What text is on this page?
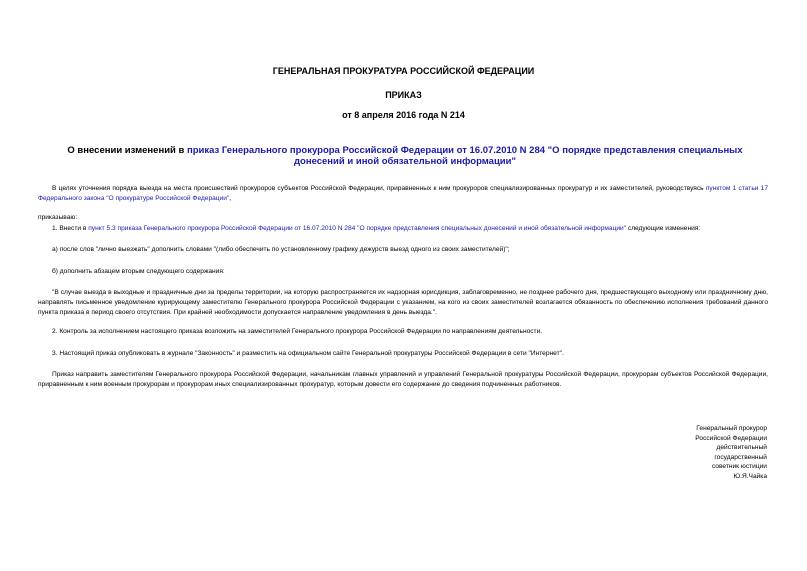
ГЕНЕРАЛЬНАЯ ПРОКУРАТУРА РОССИЙСКОЙ ФЕДЕРАЦИИ
ПРИКАЗ
от 8 апреля 2016 года N 214
О внесении изменений в приказ Генерального прокурора Российской Федерации от 16.07.2010 N 284 "О порядке представления специальных донесений и иной обязательной информации"
В целях уточнения порядка выезда на места происшествий прокуроров субъектов Российской Федерации, приравненных к ним прокуроров специализированных прокуратур и их заместителей, руководствуясь пунктом 1 статьи 17 Федерального закона "О прокуратуре Российской Федерации",
приказываю:
1. Внести в пункт 5.3 приказа Генерального прокурора Российской Федерации от 16.07.2010 N 284 "О порядке представления специальных донесений и иной обязательной информации" следующие изменения:
а) после слов "лично выезжать" дополнить словами "(либо обеспечить по установленному графику дежурств выезд одного из своих заместителей)";
б) дополнить абзацем вторым следующего содержания:
"В случае выезда в выходные и праздничные дни за пределы территории, на которую распространяется их надзорная юрисдикция, заблаговременно, не позднее рабочего дня, предшествующего выходному или праздничному дню, направлять письменное уведомление курирующему заместителю Генерального прокурора Российской Федерации с указанием, на кого из своих заместителей возлагается обязанность по обеспечению исполнения требований данного пункта приказа в период своего отсутствия. При крайней необходимости допускается направление уведомления в день выезда.".
2. Контроль за исполнением настоящего приказа возложить на заместителей Генерального прокурора Российской Федерации по направлениям деятельности.
3. Настоящий приказ опубликовать в журнале "Законность" и разместить на официальном сайте Генеральной прокуратуры Российской Федерации в сети "Интернет".
Приказ направить заместителям Генерального прокурора Российской Федерации, начальникам главных управлений и управлений Генеральной прокуратуры Российской Федерации, прокурорам субъектов Российской Федерации, приравненным к ним военным прокурорам и прокурорам иных специализированных прокуратур, которым довести его содержание до сведения подчиненных работников.
Генеральный прокурор
Российской Федерации
действительный
государственный
советник юстиции
Ю.Я.Чайка
